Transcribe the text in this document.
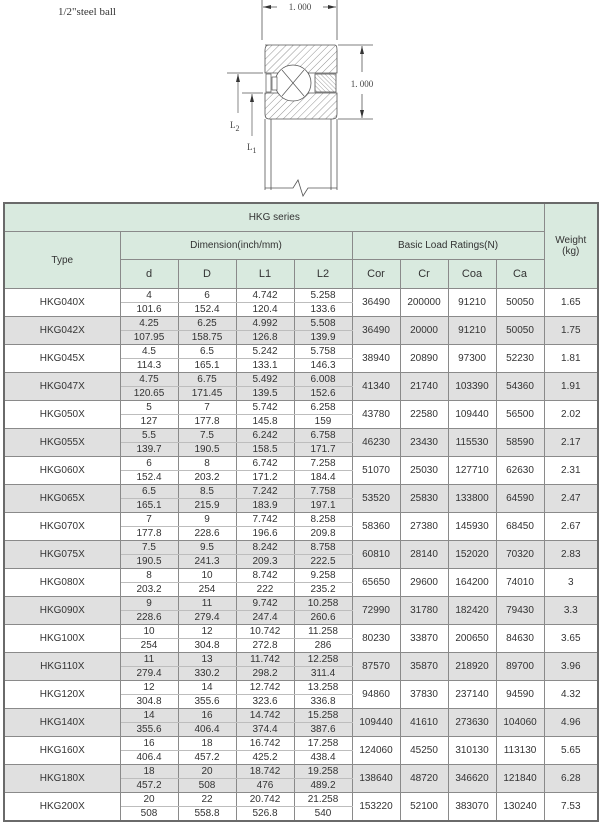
1/2"steel ball	1. 000
1. 000
L2
L1
HKG series									Weight
(kg)
Type	Dimension(inch/mm)				Basic Load Ratings(N)				
	d	D	L1	L2	Cor	Cr	Coa	Ca	
HKG040X	4	6	4.742	5.258	36490	200000	91210	50050	1.65
	101.6	152.4	120.4	133.6					
HKG042X	4.25	6.25	4.992	5.508	36490	20000	91210	50050	1.75
	107.95	158.75	126.8	139.9					
HKG045X	4.5	6.5	5.242	5.758	38940	20890	97300	52230	1.81
	114.3	165.1	133.1	146.3					
HKG047X	4.75	6.75	5.492	6.008	41340	21740	103390	54360	1.91
	120.65	171.45	139.5	152.6					
HKG050X	5	7	5.742	6.258	43780	22580	109440	56500	2.02
	127	177.8	145.8	159					
HKG055X	5.5	7.5	6.242	6.758	46230	23430	115530	58590	2.17
	139.7	190.5	158.5	171.7					
HKG060X	6	8	6.742	7.258	51070	25030	127710	62630	2.31
	152.4	203.2	171.2	184.4					
HKG065X	6.5	8.5	7.242	7.758	53520	25830	133800	64590	2.47
	165.1	215.9	183.9	197.1					
HKG070X	7	9	7.742	8.258	58360	27380	145930	68450	2.67
	177.8	228.6	196.6	209.8					
HKG075X	7.5	9.5	8.242	8.758	60810	28140	152020	70320	2.83
	190.5	241.3	209.3	222.5					
HKG080X	8	10	8.742	9.258	65650	29600	164200	74010	3
	203.2	254	222	235.2					
HKG090X	9	11	9.742	10.258	72990	31780	182420	79430	3.3
	228.6	279.4	247.4	260.6					
HKG100X	10	12	10.742	11.258	80230	33870	200650	84630	3.65
	254	304.8	272.8	286					
HKG110X	11	13	11.742	12.258	87570	35870	218920	89700	3.96
	279.4	330.2	298.2	311.4					
HKG120X	12	14	12.742	13.258	94860	37830	237140	94590	4.32
	304.8	355.6	323.6	336.8					
HKG140X	14	16	14.742	15.258	109440	41610	273630	104060	4.96
	355.6	406.4	374.4	387.6					
HKG160X	16	18	16.742	17.258	124060	45250	310130	113130	5.65
	406.4	457.2	425.2	438.4					
HKG180X	18	20	18.742	19.258	138640	48720	346620	121840	6.28
	457.2	508	476	489.2					
HKG200X	20	22	20.742	21.258	153220	52100	383070	130240	7.53
	508	558.8	526.8	540					
